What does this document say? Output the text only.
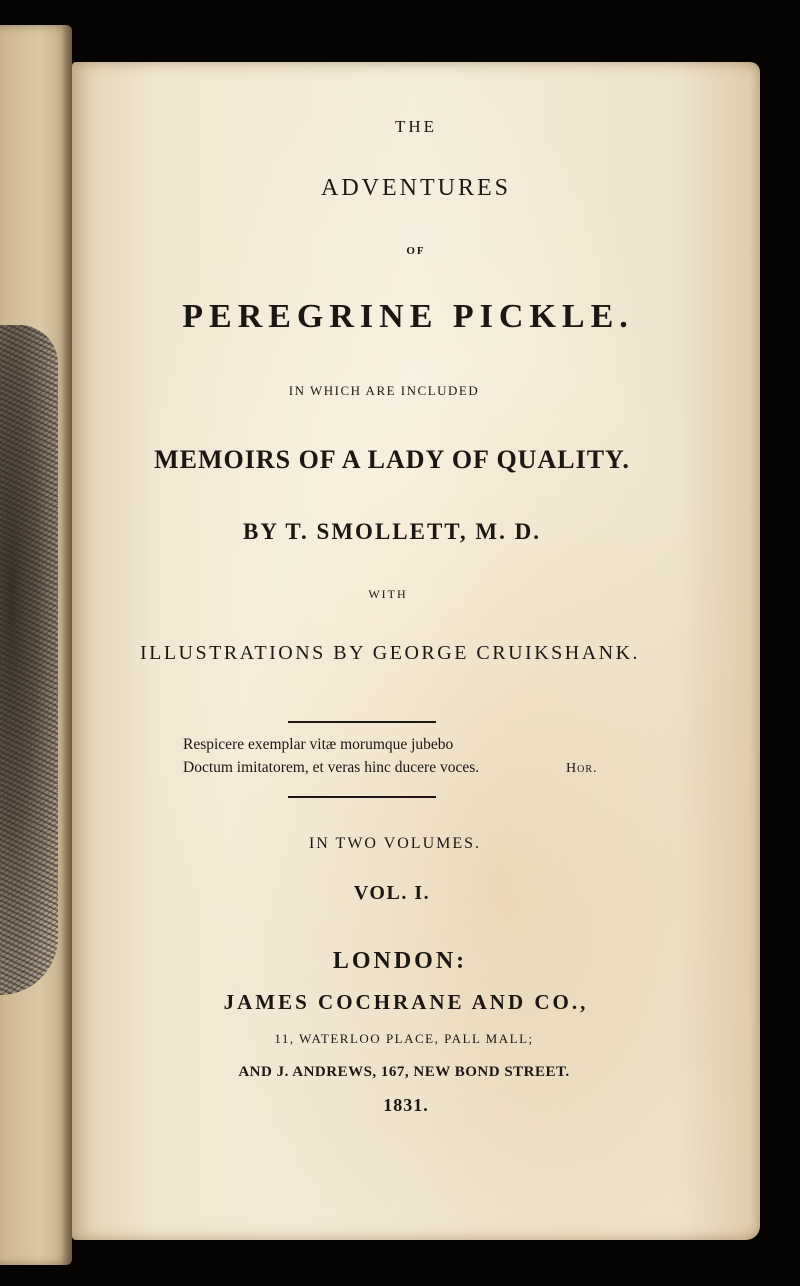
THE
ADVENTURES
OF
PEREGRINE PICKLE.
IN WHICH ARE INCLUDED
MEMOIRS OF A LADY OF QUALITY.
BY T. SMOLLETT, M. D.
WITH
ILLUSTRATIONS BY GEORGE CRUIKSHANK.
Respicere exemplar vitæ morumque jubebo
Doctum imitatorem, et veras hinc ducere voces.	Hor.
IN TWO VOLUMES.
VOL. I.
LONDON:
JAMES COCHRANE AND CO.,
11, WATERLOO PLACE, PALL MALL;
AND J. ANDREWS, 167, NEW BOND STREET.
1831.
